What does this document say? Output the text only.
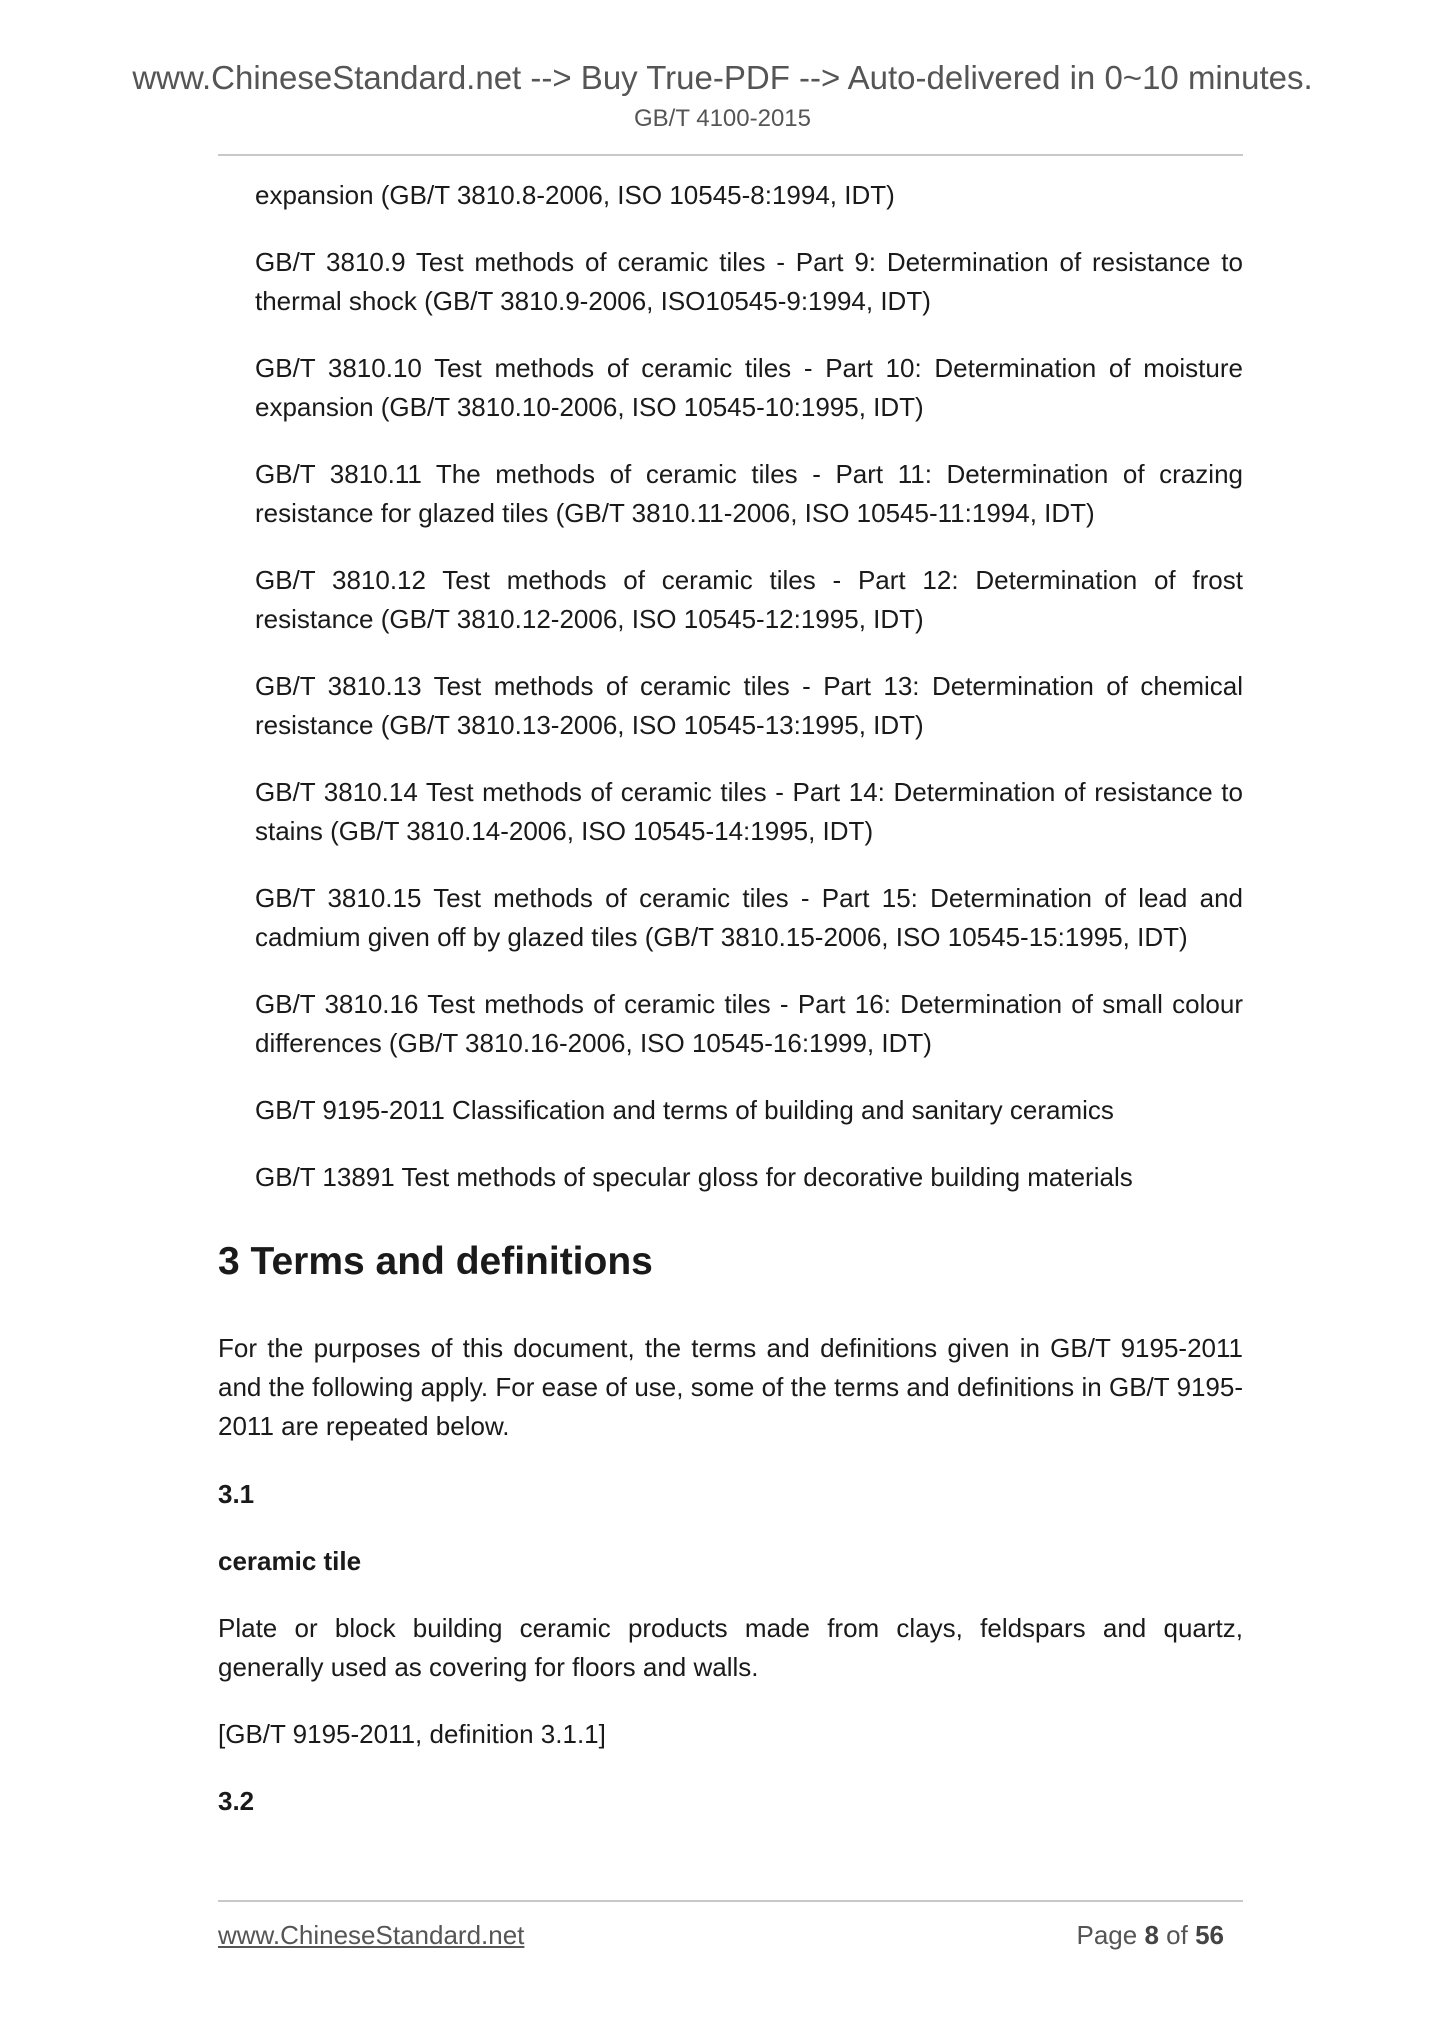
www.ChineseStandard.net --> Buy True-PDF --> Auto-delivered in 0~10 minutes.
GB/T 4100-2015
expansion (GB/T 3810.8-2006, ISO 10545-8:1994, IDT)
GB/T 3810.9 Test methods of ceramic tiles - Part 9: Determination of resistance to thermal shock (GB/T 3810.9-2006, ISO10545-9:1994, IDT)
GB/T 3810.10 Test methods of ceramic tiles - Part 10: Determination of moisture expansion (GB/T 3810.10-2006, ISO 10545-10:1995, IDT)
GB/T 3810.11 The methods of ceramic tiles - Part 11: Determination of crazing resistance for glazed tiles (GB/T 3810.11-2006, ISO 10545-11:1994, IDT)
GB/T 3810.12 Test methods of ceramic tiles - Part 12: Determination of frost resistance (GB/T 3810.12-2006, ISO 10545-12:1995, IDT)
GB/T 3810.13 Test methods of ceramic tiles - Part 13: Determination of chemical resistance (GB/T 3810.13-2006, ISO 10545-13:1995, IDT)
GB/T 3810.14 Test methods of ceramic tiles - Part 14: Determination of resistance to stains (GB/T 3810.14-2006, ISO 10545-14:1995, IDT)
GB/T 3810.15 Test methods of ceramic tiles - Part 15: Determination of lead and cadmium given off by glazed tiles (GB/T 3810.15-2006, ISO 10545-15:1995, IDT)
GB/T 3810.16 Test methods of ceramic tiles - Part 16: Determination of small colour differences (GB/T 3810.16-2006, ISO 10545-16:1999, IDT)
GB/T 9195-2011 Classification and terms of building and sanitary ceramics
GB/T 13891 Test methods of specular gloss for decorative building materials
3 Terms and definitions
For the purposes of this document, the terms and definitions given in GB/T 9195-2011 and the following apply. For ease of use, some of the terms and definitions in GB/T 9195-2011 are repeated below.
3.1
ceramic tile
Plate or block building ceramic products made from clays, feldspars and quartz, generally used as covering for floors and walls.
[GB/T 9195-2011, definition 3.1.1]
3.2
www.ChineseStandard.net	Page 8 of 56
